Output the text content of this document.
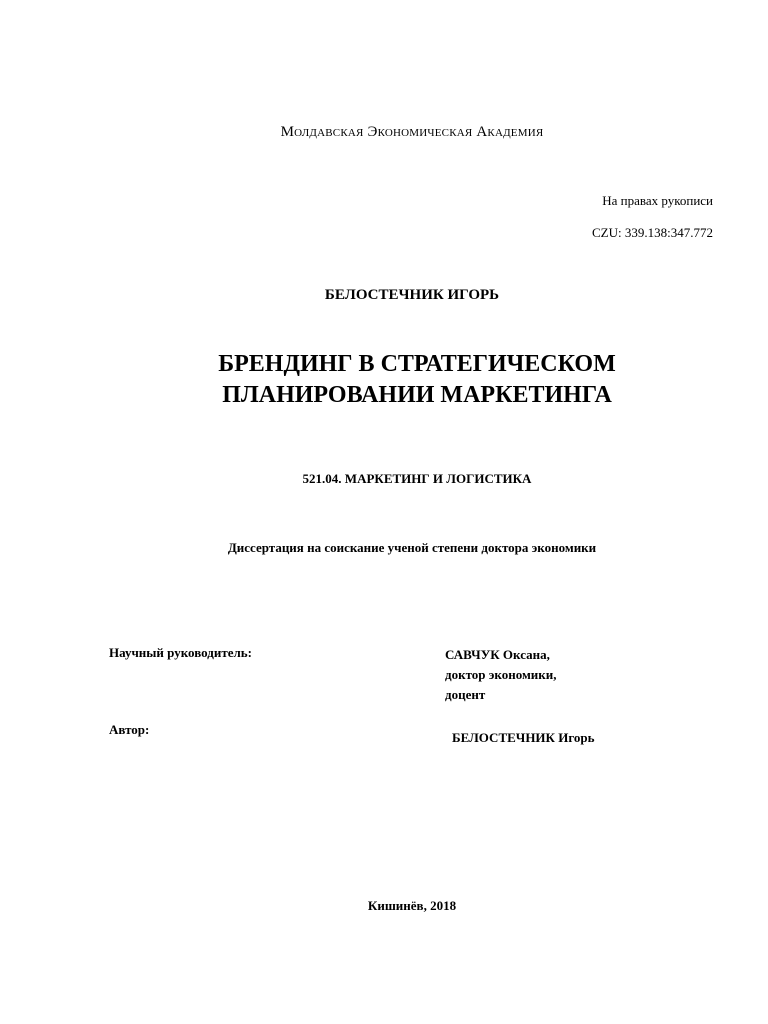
Молдавская Экономическая Академия
На правах рукописи
CZU: 339.138:347.772
БЕЛОСТЕЧНИК ИГОРЬ
БРЕНДИНГ В СТРАТЕГИЧЕСКОМ
ПЛАНИРОВАНИИ МАРКЕТИНГА
521.04. МАРКЕТИНГ И ЛОГИСТИКА
Диссертация на соискание ученой степени доктора экономики
Научный руководитель:	САВЧУК Оксана,
доктор экономики,
доцент
Автор:
БЕЛОСТЕЧНИК Игорь
Кишинёв, 2018
